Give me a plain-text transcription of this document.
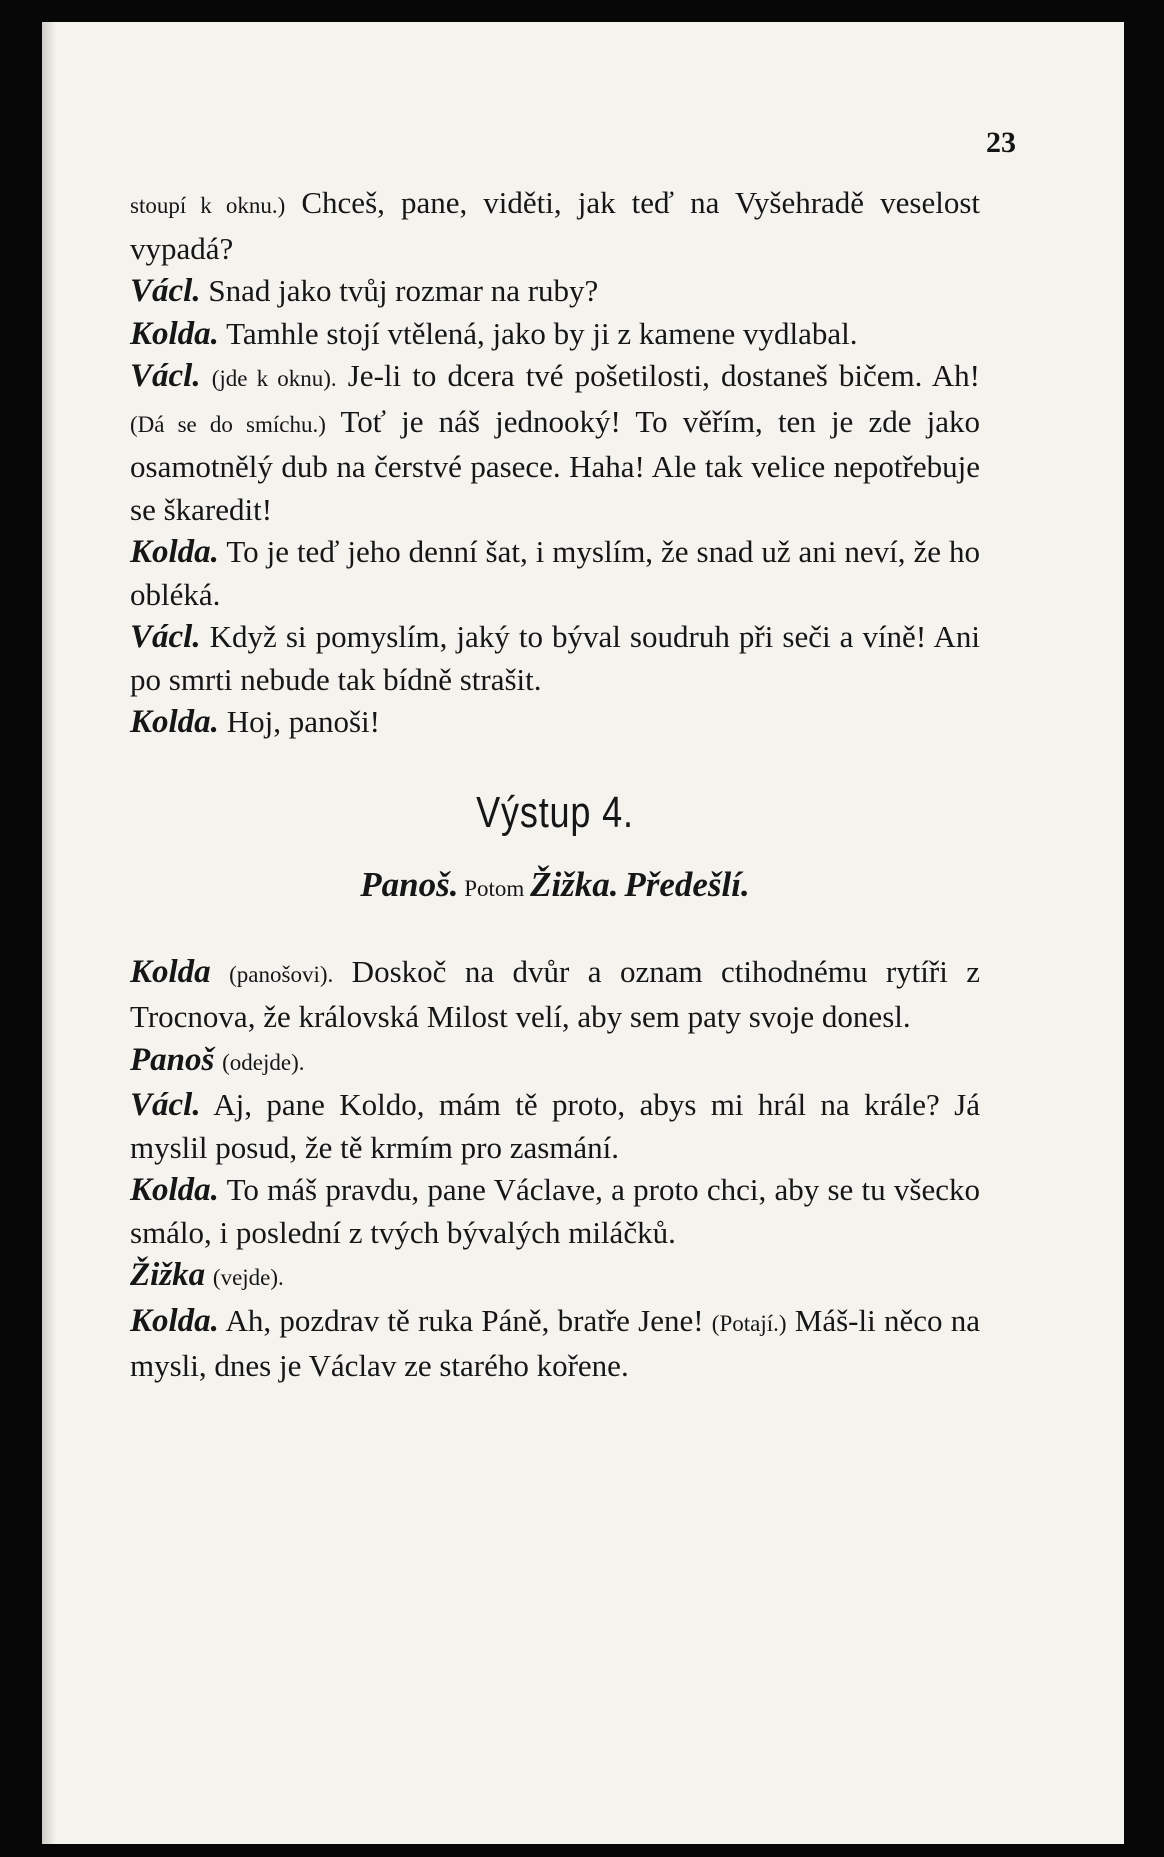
23

stoupí k oknu.) Chceš, pane, viděti, jak teď na Vyšehradě veselost vypadá?

Václ. Snad jako tvůj rozmar na ruby?

Kolda. Tamhle stojí vtělená, jako by ji z kamene vydlabal.

Václ. (jde k oknu). Je-li to dcera tvé pošetilosti, dostaneš bičem. Ah! (Dá se do smíchu.) Toť je náš jednooký! To věřím, ten je zde jako osamotnělý dub na čerstvé pasece. Haha! Ale tak velice nepotřebuje se škaredit!

Kolda. To je teď jeho denní šat, i myslím, že snad už ani neví, že ho obléká.

Václ. Když si pomyslím, jaký to býval soudruh při seči a víně! Ani po smrti nebude tak bídně strašit.

Kolda. Hoj, panoši!

Výstup 4.
Panoš. Potom Žižka. Předešlí.

Kolda (panošovi). Doskoč na dvůr a oznam ctihodnému rytíři z Trocnova, že královská Milost velí, aby sem paty svoje donesl.

Panoš (odejde).

Václ. Aj, pane Koldo, mám tě proto, abys mi hrál na krále? Já myslil posud, že tě krmím pro zasmání.

Kolda. To máš pravdu, pane Václave, a proto chci, aby se tu všecko smálo, i poslední z tvých bývalých miláčků.

Žižka (vejde).

Kolda. Ah, pozdrav tě ruka Páně, bratře Jene! (Potají.) Máš-li něco na mysli, dnes je Václav ze starého kořene.
